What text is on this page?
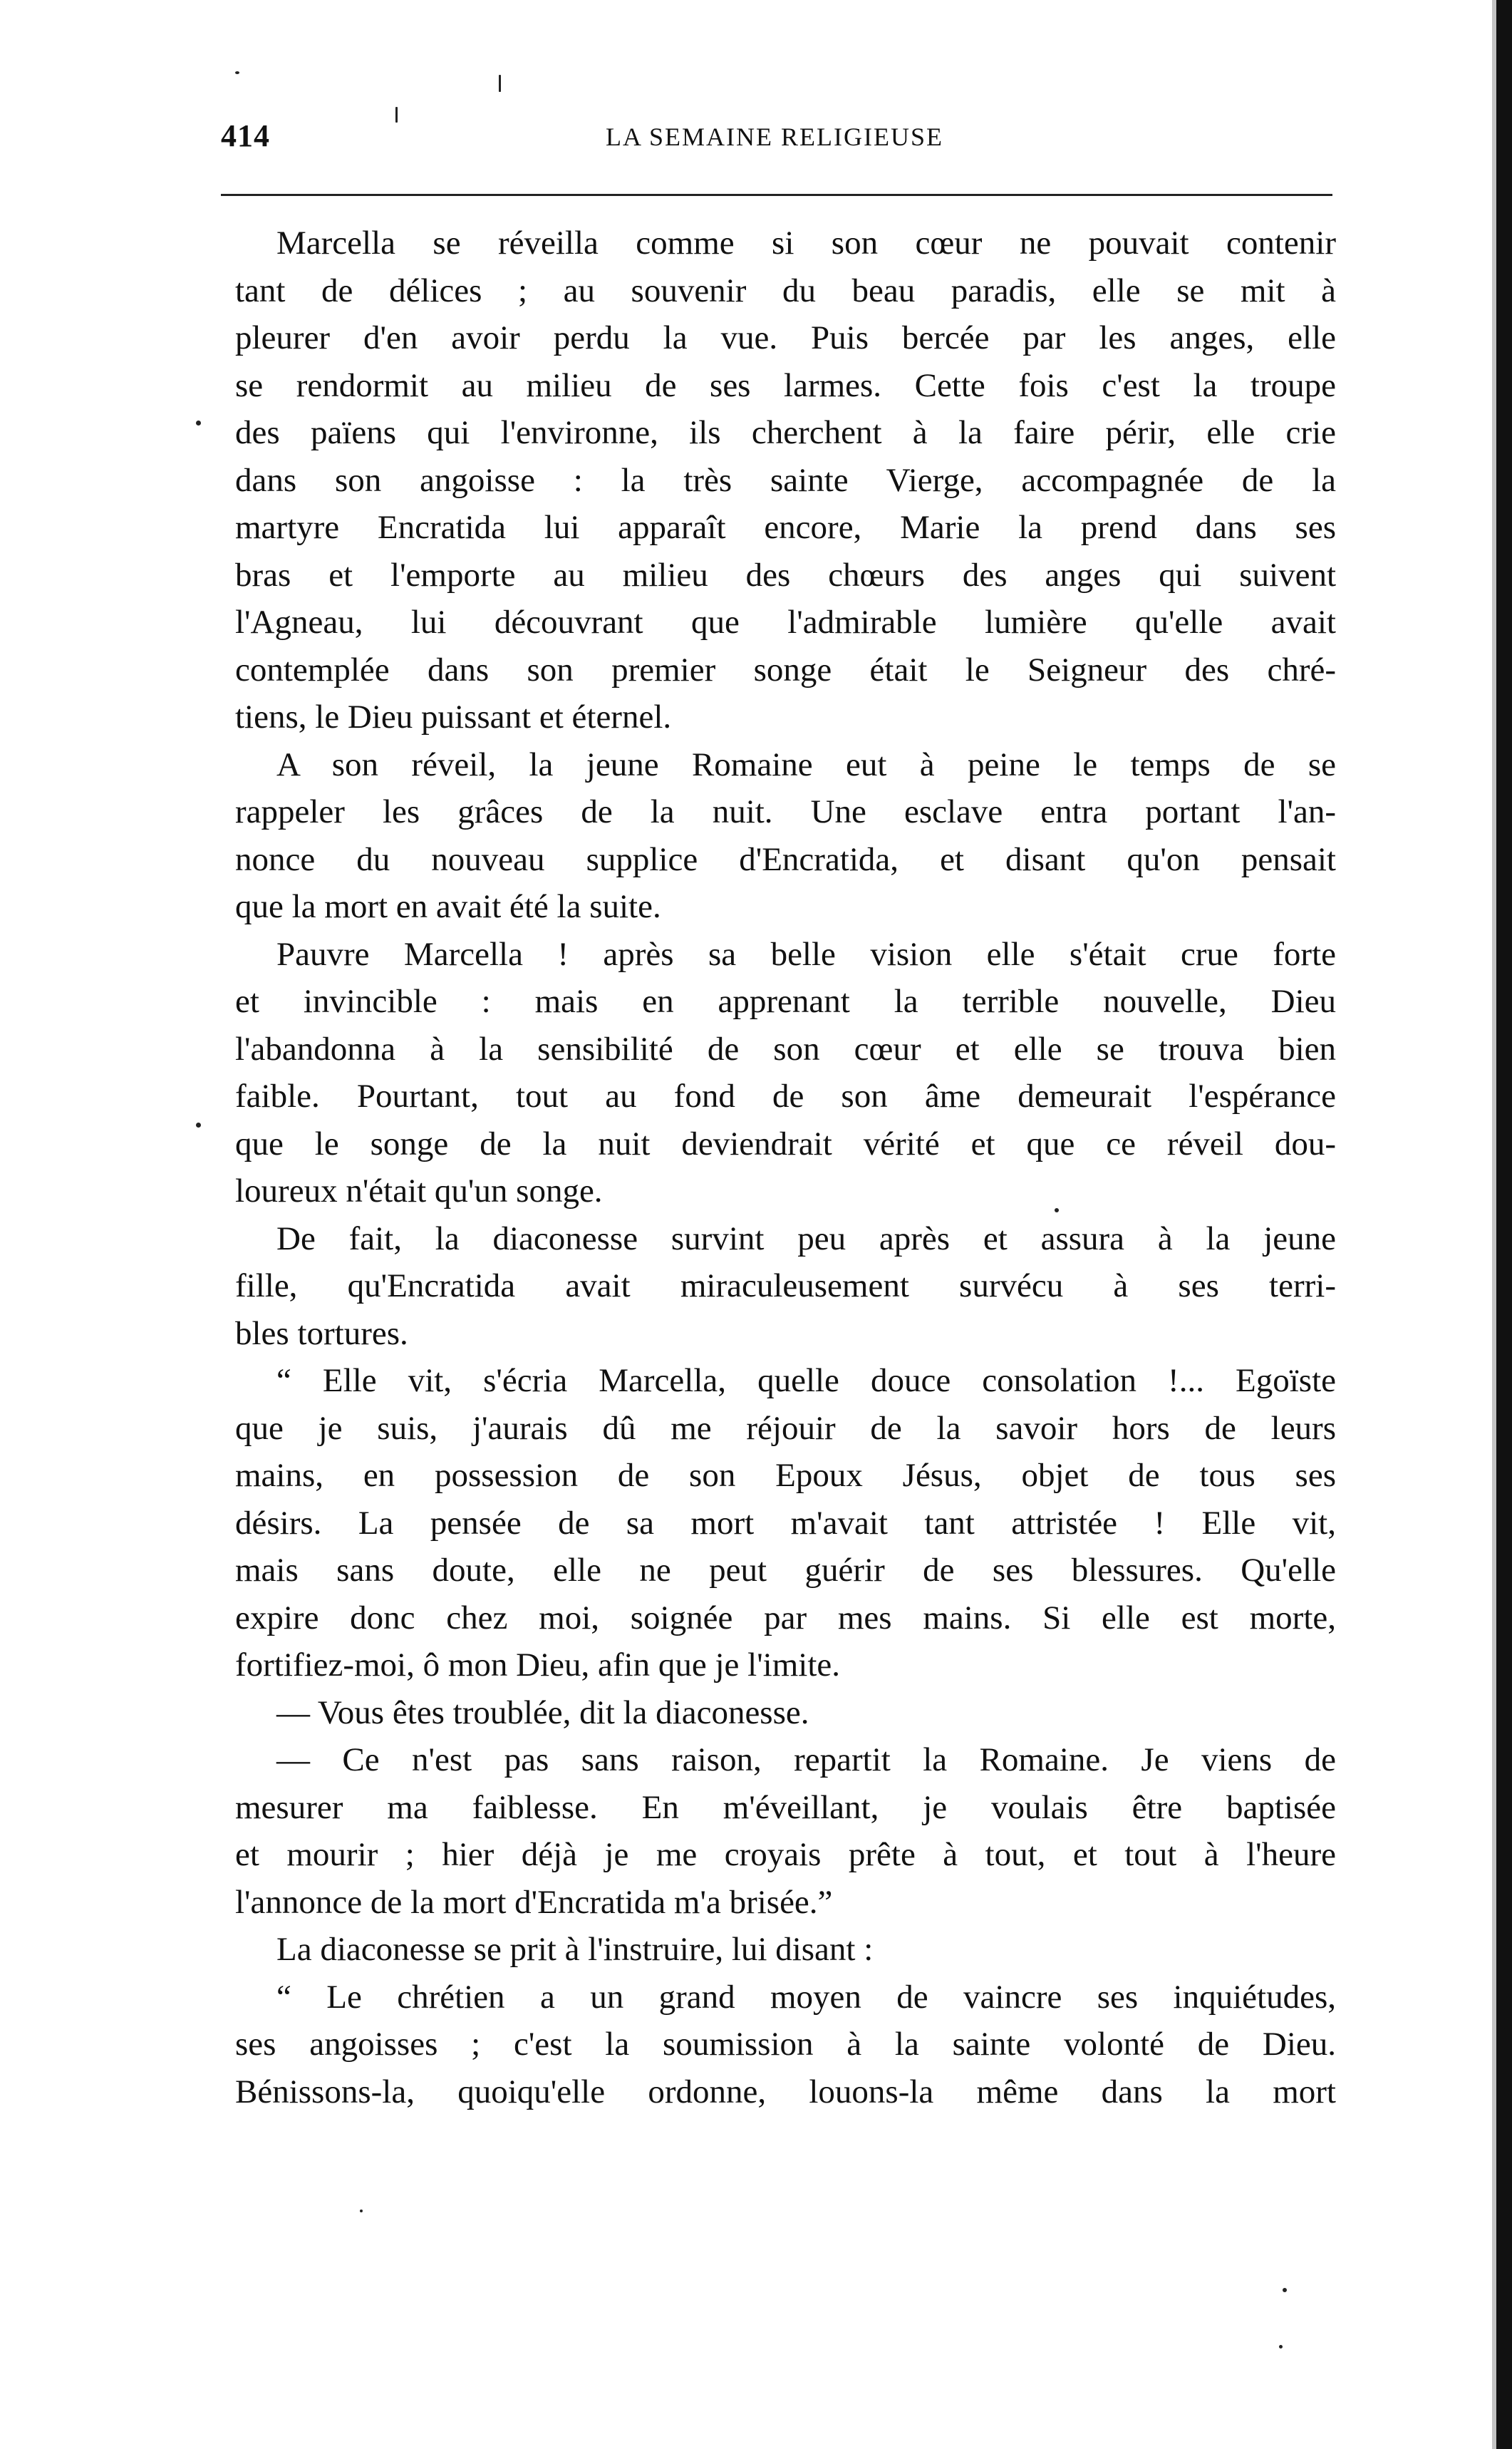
414	LA SEMAINE RELIGIEUSE
Marcella se réveilla comme si son cœur ne pouvait contenir
tant de délices ; au souvenir du beau paradis, elle se mit à
pleurer d'en avoir perdu la vue. Puis bercée par les anges, elle
se rendormit au milieu de ses larmes. Cette fois c'est la troupe
des païens qui l'environne, ils cherchent à la faire périr, elle crie
dans son angoisse : la très sainte Vierge, accompagnée de la
martyre Encratida lui apparaît encore, Marie la prend dans ses
bras et l'emporte au milieu des chœurs des anges qui suivent
l'Agneau, lui découvrant que l'admirable lumière qu'elle avait
contemplée dans son premier songe était le Seigneur des chré-
tiens, le Dieu puissant et éternel.
A son réveil, la jeune Romaine eut à peine le temps de se
rappeler les grâces de la nuit. Une esclave entra portant l'an-
nonce du nouveau supplice d'Encratida, et disant qu'on pensait
que la mort en avait été la suite.
Pauvre Marcella ! après sa belle vision elle s'était crue forte
et invincible : mais en apprenant la terrible nouvelle, Dieu
l'abandonna à la sensibilité de son cœur et elle se trouva bien
faible. Pourtant, tout au fond de son âme demeurait l'espérance
que le songe de la nuit deviendrait vérité et que ce réveil dou-
loureux n'était qu'un songe.
De fait, la diaconesse survint peu après et assura à la jeune
fille, qu'Encratida avait miraculeusement survécu à ses terri-
bles tortures.
“ Elle vit, s'écria Marcella, quelle douce consolation !... Egoïste
que je suis, j'aurais dû me réjouir de la savoir hors de leurs
mains, en possession de son Epoux Jésus, objet de tous ses
désirs. La pensée de sa mort m'avait tant attristée ! Elle vit,
mais sans doute, elle ne peut guérir de ses blessures. Qu'elle
expire donc chez moi, soignée par mes mains. Si elle est morte,
fortifiez-moi, ô mon Dieu, afin que je l'imite.
— Vous êtes troublée, dit la diaconesse.
— Ce n'est pas sans raison, repartit la Romaine. Je viens de
mesurer ma faiblesse. En m'éveillant, je voulais être baptisée
et mourir ; hier déjà je me croyais prête à tout, et tout à l'heure
l'annonce de la mort d'Encratida m'a brisée.”
La diaconesse se prit à l'instruire, lui disant :
“ Le chrétien a un grand moyen de vaincre ses inquiétudes,
ses angoisses ; c'est la soumission à la sainte volonté de Dieu.
Bénissons-la, quoiqu'elle ordonne, louons-la même dans la mort
